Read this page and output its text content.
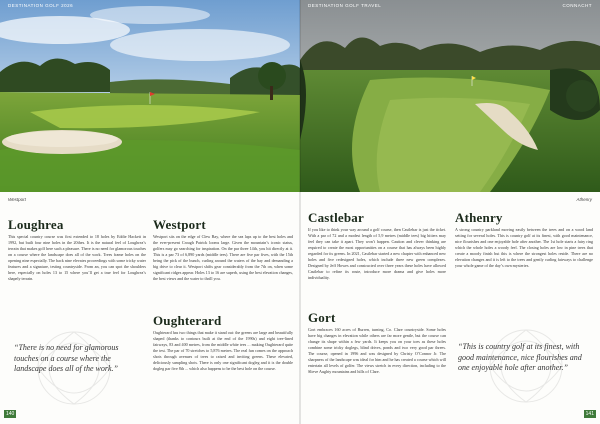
DESTINATION GOLF 2026
Westport
Loughrea
This special country course was first extended to 18 holes by Eddie Hackett in 1992, but built four nine holes in the 20thes. It is the natural feel of Loughrea’s terrain that makes golf here such a pleasure. There is no need for glamorous touches on a course where the landscape does all of the work. Trees frame holes on the opening nine especially. The back nine elevates proceedings with some tricky water features and a signature, testing countryside. From an, you can spot the shoulders here, especially on holes 13 to 15 where you’ll get a true feel for Loughrea’s shapely terrain.
Westport
Westport sits on the edge of Clew Bay, where the sea laps up to the best holes and the ever-present Croagh Patrick looms large. Given the mountain’s iconic status, golfers may go searching for inspiration. On the par three 14th, you hit directly at it. This is a par 73 of 6,890 yards (middle tees). There are five par fives, with the 15th being the pick of the bunch, curling around the waters of the bay and demanding a big drive to clear it. Westport shifts gear considerably from the 7th on, when some significant ridges appear. Holes 13 to 16 are superb, using the best elevation changes, the best views and the water to thrill you.
Oughterard
Oughterard has two things that make it stand out: the greens are large and beautifully shaped (thanks to contours built at the end of the 1990s) and eight tree-lined fairways, 83 and 400 metres, from the middle white tees ... making Oughterard quite the test. The par of 70 stretches to 5,876 metres. The real fun comes on the approach shots through avenues of trees to raised and inviting greens. These elevated, deliciously sampling shots. There is only one significant dogleg and it is the double dogleg par five 8th ... which also happens to be the best hole on the course.
“There is no need for glamorous touches on a course where the landscape does all of the work.”
140
DESTINATION GOLF TRAVEL	CONNACHT
Athenry
Castlebar
If you like to think your way around a golf course, then Castlebar is just the ticket. With a par of 72 and a modest length of 5,9 metres (middle tees) big hitters may feel they can take it apart. They won’t happen. Caution and clever thinking are required to create the most opportunities on a course that has always been highly regarded for its greens. In 2021, Castlebar started a new chapter with enhanced new holes and five redesigned holes, which include three new green complexes. Designed by Jeff Howes and constructed over three years these holes have allowed Castlebar to refine its route, introduce more drama and give holes more individuality.
Gort
Gort embraces 160 acres of Burren, turning, Co. Clare countryside. Some holes have big changes in elevation while others are far more gentle, but the course can change its shape within a few yards. It keeps you on your toes as these holes combine some tricky doglegs, blind drives, ponds and two very good par threes. The course, opened in 1996 and was designed by Christy O’Connor Jr. The sharpness of the landscape was ideal for him and he has created a course which will entertain all levels of golfer. The views stretch in every direction, including to the Slieve Aughty mountains and hills of Clare.
Athenry
A strong country parkland moving easily between the trees and on a wood land setting for several holes. This is country golf at its finest, with good maintenance, nice flourishes and one enjoyable hole after another. The 1st hole starts a fairy ring which the whole holes a woody feel. The closing holes are low in pine trees that create a moody finish but this is where the strongest holes reside. There are no elevation changes and it is left to the trees and gently curling fairways to challenge your whole game of the day’s own mysteries.
“This is country golf at its finest, with good maintenance, nice flourishes and one enjoyable hole after another.”
141
